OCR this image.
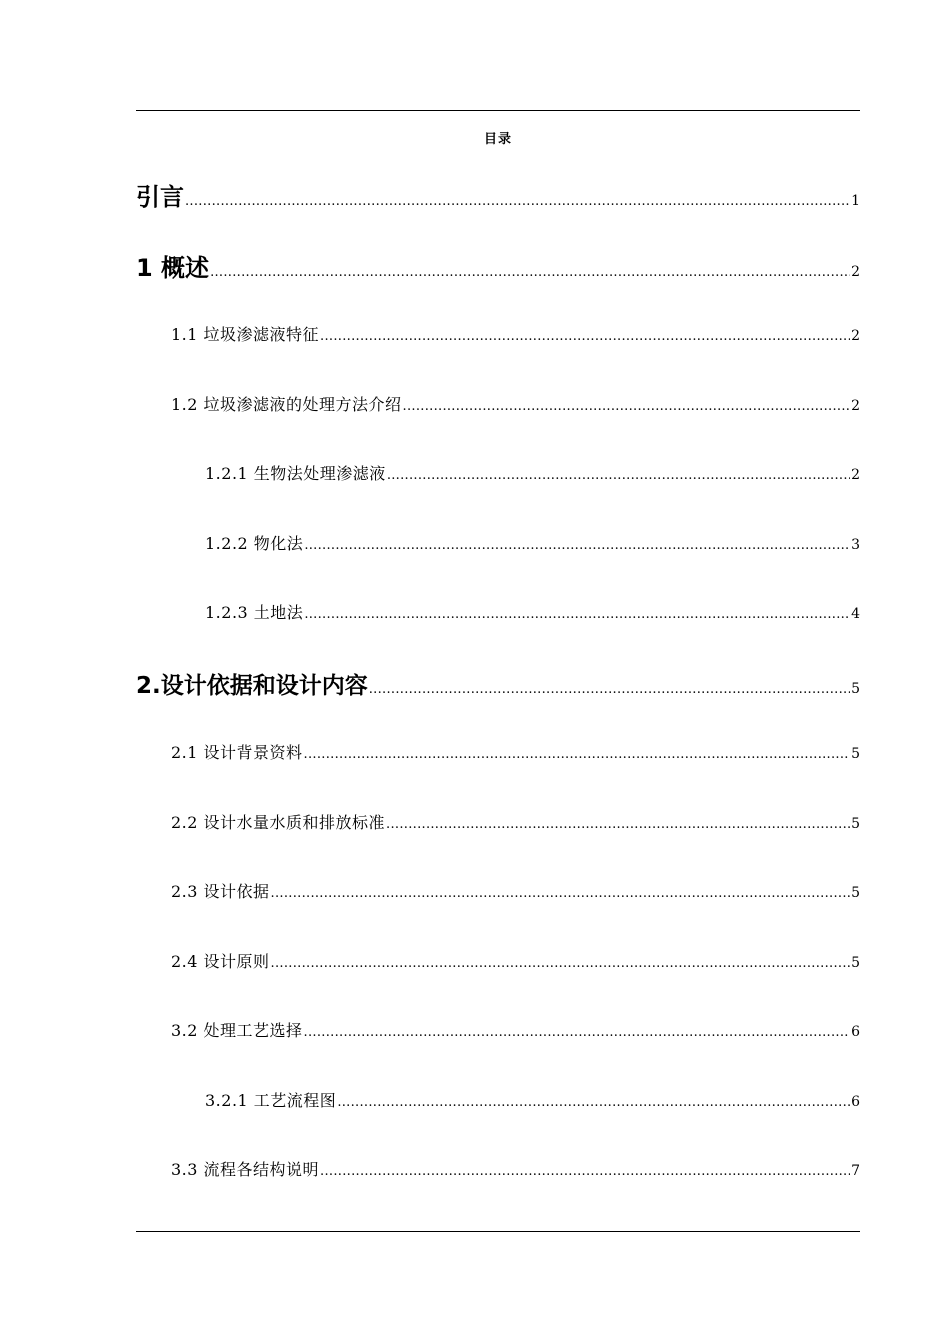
目录
引言 .....	1
1 概述 .....	2
1.1 垃圾渗滤液特征 .....	2
1.2 垃圾渗滤液的处理方法介绍 .....	2
1.2.1 生物法处理渗滤液 .....	2
1.2.2 物化法 .....	3
1.2.3 土地法 .....	4
2.设计依据和设计内容 .....	5
2.1 设计背景资料 .....	5
2.2 设计水量水质和排放标准 .....	5
2.3 设计依据 .....	5
2.4 设计原则 .....	5
3.2 处理工艺选择 .....	6
3.2.1 工艺流程图 .....	6
3.3 流程各结构说明 .....	7
